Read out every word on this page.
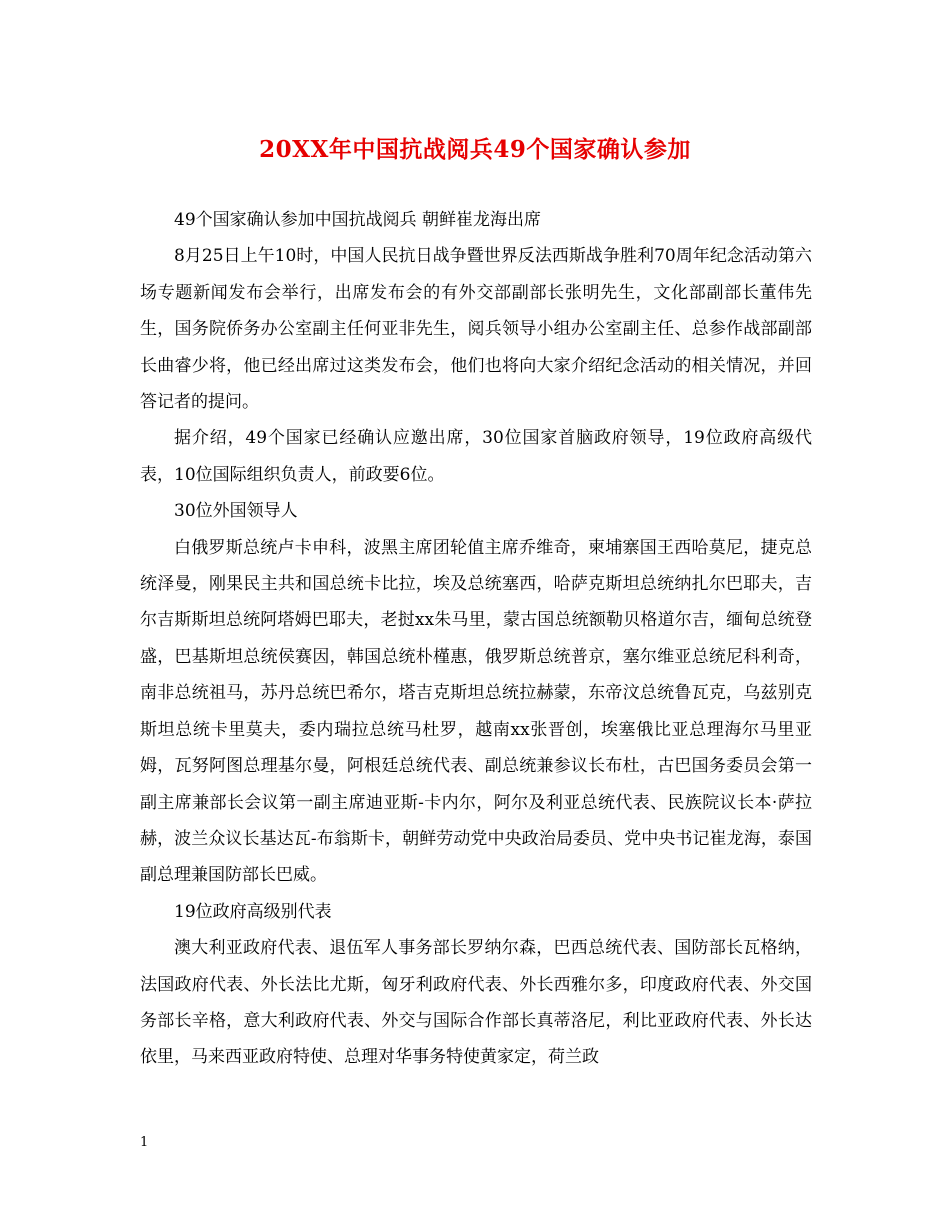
20XX年中国抗战阅兵49个国家确认参加

49个国家确认参加中国抗战阅兵 朝鲜崔龙海出席

8月25日上午10时，中国人民抗日战争暨世界反法西斯战争胜利70周年纪念活动第六场专题新闻发布会举行，出席发布会的有外交部副部长张明先生，文化部副部长董伟先生，国务院侨务办公室副主任何亚非先生，阅兵领导小组办公室副主任、总参作战部副部长曲睿少将，他已经出席过这类发布会，他们也将向大家介绍纪念活动的相关情况，并回答记者的提问。

据介绍，49个国家已经确认应邀出席，30位国家首脑政府领导，19位政府高级代表，10位国际组织负责人，前政要6位。

30位外国领导人

白俄罗斯总统卢卡申科，波黑主席团轮值主席乔维奇，柬埔寨国王西哈莫尼，捷克总统泽曼，刚果民主共和国总统卡比拉，埃及总统塞西，哈萨克斯坦总统纳扎尔巴耶夫，吉尔吉斯斯坦总统阿塔姆巴耶夫，老挝xx朱马里，蒙古国总统额勒贝格道尔吉，缅甸总统登盛，巴基斯坦总统侯赛因，韩国总统朴槿惠，俄罗斯总统普京，塞尔维亚总统尼科利奇，南非总统祖马，苏丹总统巴希尔，塔吉克斯坦总统拉赫蒙，东帝汶总统鲁瓦克，乌兹别克斯坦总统卡里莫夫，委内瑞拉总统马杜罗，越南xx张晋创，埃塞俄比亚总理海尔马里亚姆，瓦努阿图总理基尔曼，阿根廷总统代表、副总统兼参议长布杜，古巴国务委员会第一副主席兼部长会议第一副主席迪亚斯-卡内尔，阿尔及利亚总统代表、民族院议长本·萨拉赫，波兰众议长基达瓦-布翁斯卡，朝鲜劳动党中央政治局委员、党中央书记崔龙海，泰国副总理兼国防部长巴威。

19位政府高级别代表

澳大利亚政府代表、退伍军人事务部长罗纳尔森，巴西总统代表、国防部长瓦格纳，法国政府代表、外长法比尤斯，匈牙利政府代表、外长西雅尔多，印度政府代表、外交国务部长辛格，意大利政府代表、外交与国际合作部长真蒂洛尼，利比亚政府代表、外长达依里，马来西亚政府特使、总理对华事务特使黄家定，荷兰政

1
